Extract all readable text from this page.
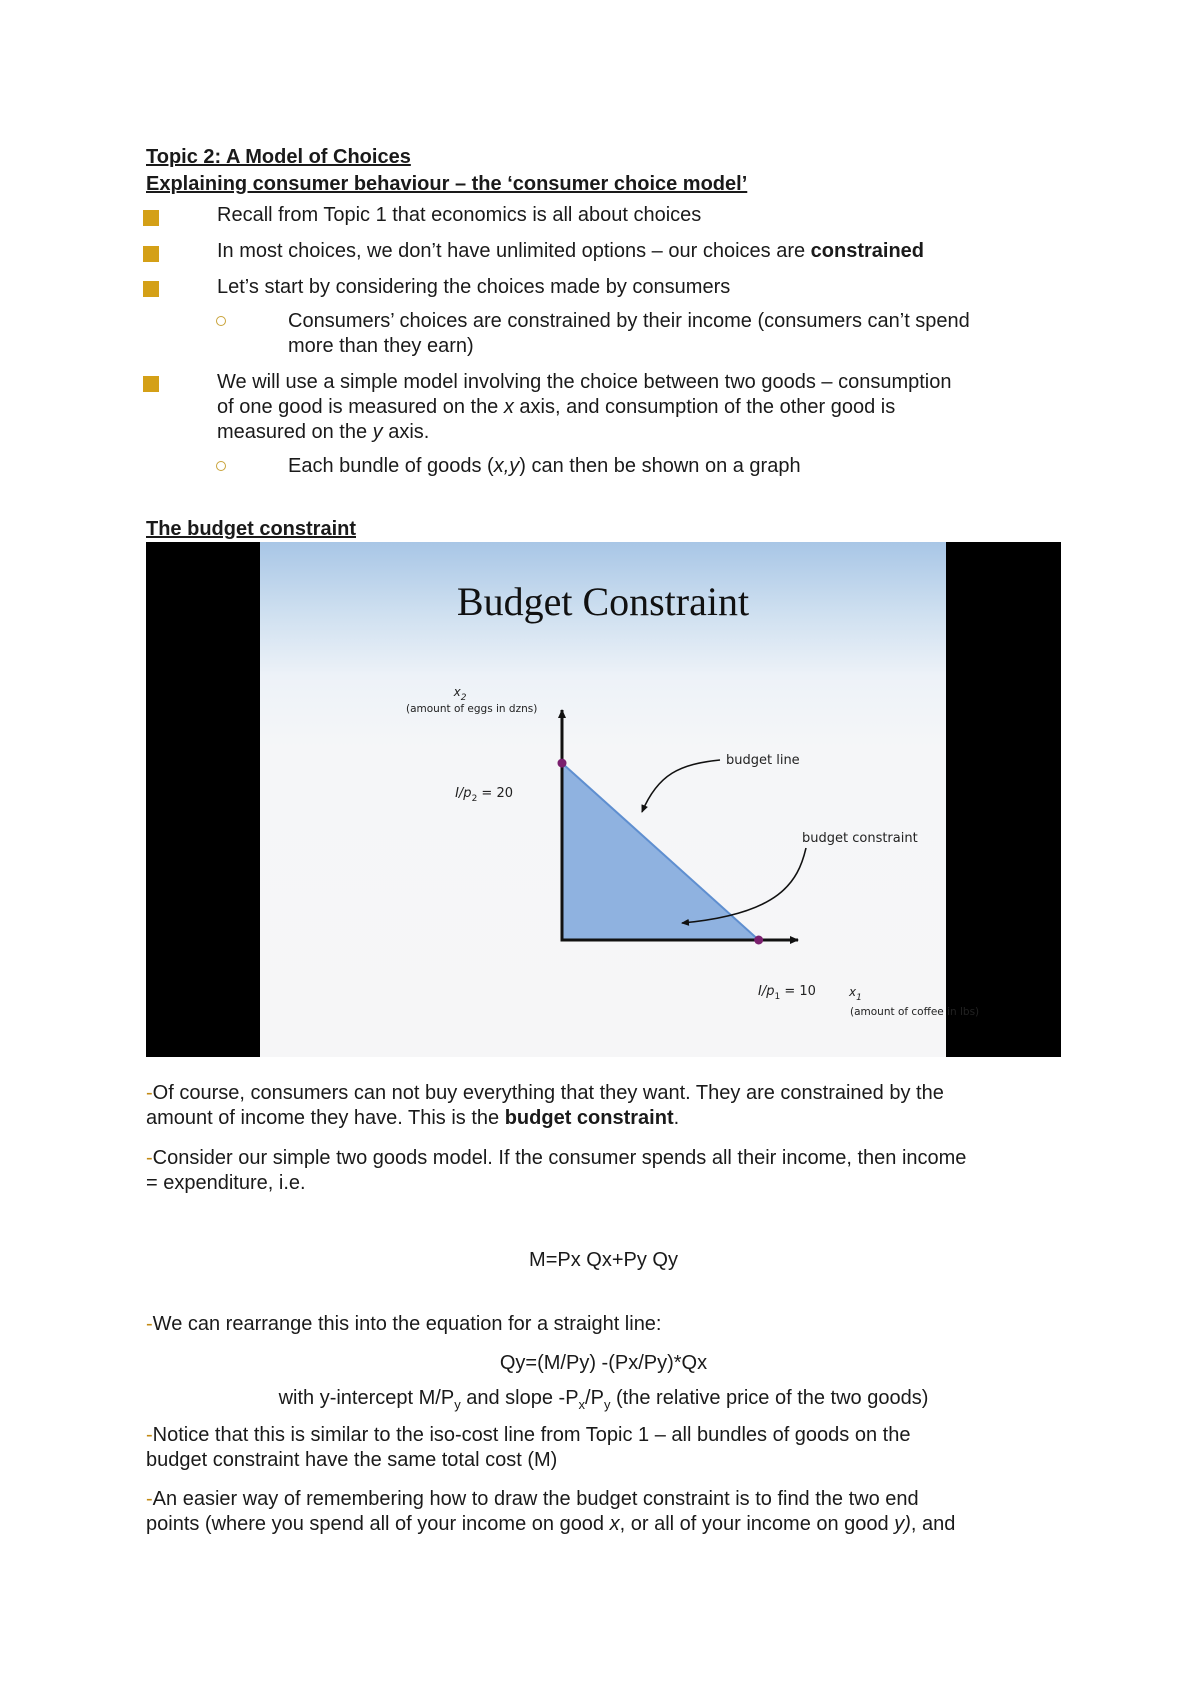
Topic 2: A Model of Choices
Explaining consumer behaviour – the ‘consumer choice model’
Recall from Topic 1 that economics is all about choices
In most choices, we don’t have unlimited options – our choices are constrained
Let’s start by considering the choices made by consumers
Consumers’ choices are constrained by their income (consumers can’t spend
more than they earn)
We will use a simple model involving the choice between two goods – consumption
of one good is measured on the x axis, and consumption of the other good is
measured on the y axis.
Each bundle of goods (x,y) can then be shown on a graph
The budget constraint
Budget Constraint
$x_2$
(amount of eggs in dzns)
$x_1$
(amount of coffee in lbs)
$I/p_2 = 20$
$I/p_1 = 10$
budget line
budget constraint
-Of course, consumers can not buy everything that they want. They are constrained by the
amount of income they have. This is the budget constraint.
-Consider our simple two goods model. If the consumer spends all their income, then income
= expenditure, i.e.
M=Px Qx+Py Qy
-We can rearrange this into the equation for a straight line:
Qy=(M/Py) -(Px/Py)*Qx
with y-intercept $M/P_y$ and slope $-P_x/P_y$ (the relative price of the two goods)
-Notice that this is similar to the iso-cost line from Topic 1 – all bundles of goods on the
budget constraint have the same total cost (M)
-An easier way of remembering how to draw the budget constraint is to find the two end
points (where you spend all of your income on good x, or all of your income on good y), and
